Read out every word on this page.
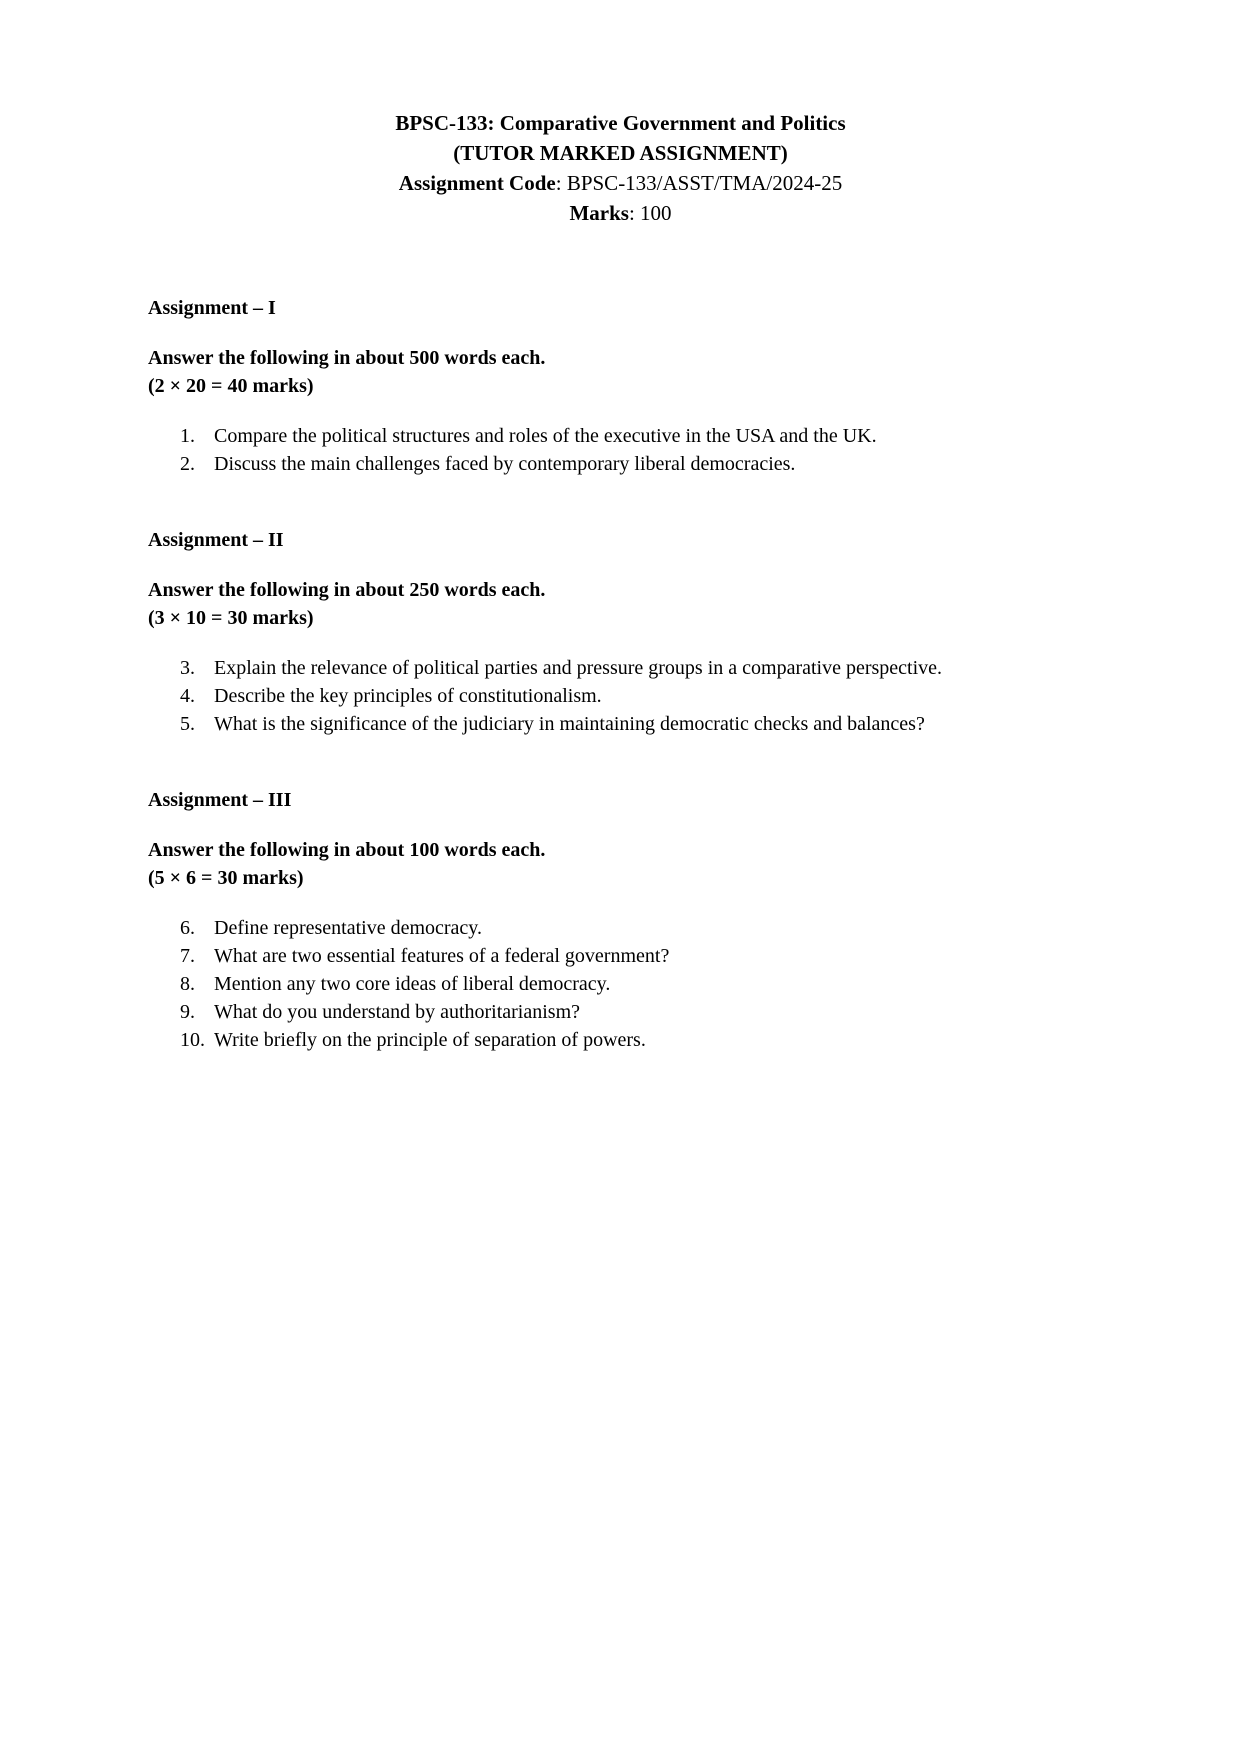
BPSC-133: Comparative Government and Politics

(TUTOR MARKED ASSIGNMENT)

Assignment Code: BPSC-133/ASST/TMA/2024-25

Marks: 100

Assignment – I

Answer the following in about 500 words each.

(2 × 20 = 40 marks)

1. Compare the political structures and roles of the executive in the USA and the UK.
2. Discuss the main challenges faced by contemporary liberal democracies.
Assignment – II

Answer the following in about 250 words each.

(3 × 10 = 30 marks)

3. Explain the relevance of political parties and pressure groups in a comparative perspective.
4. Describe the key principles of constitutionalism.
5. What is the significance of the judiciary in maintaining democratic checks and balances?
Assignment – III

Answer the following in about 100 words each.

(5 × 6 = 30 marks)

6. Define representative democracy.
7. What are two essential features of a federal government?
8. Mention any two core ideas of liberal democracy.
9. What do you understand by authoritarianism?
10. Write briefly on the principle of separation of powers.
